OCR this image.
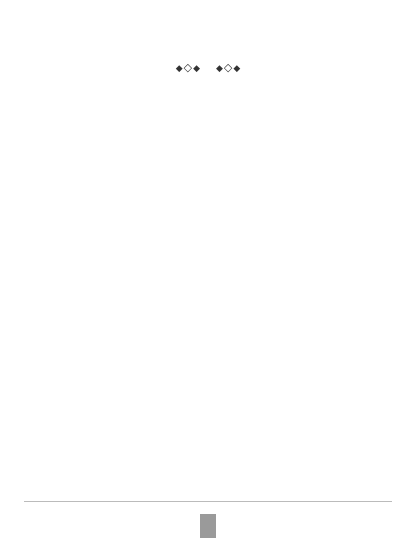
◆ ◇ ◆ ◆ ◇ ◆
